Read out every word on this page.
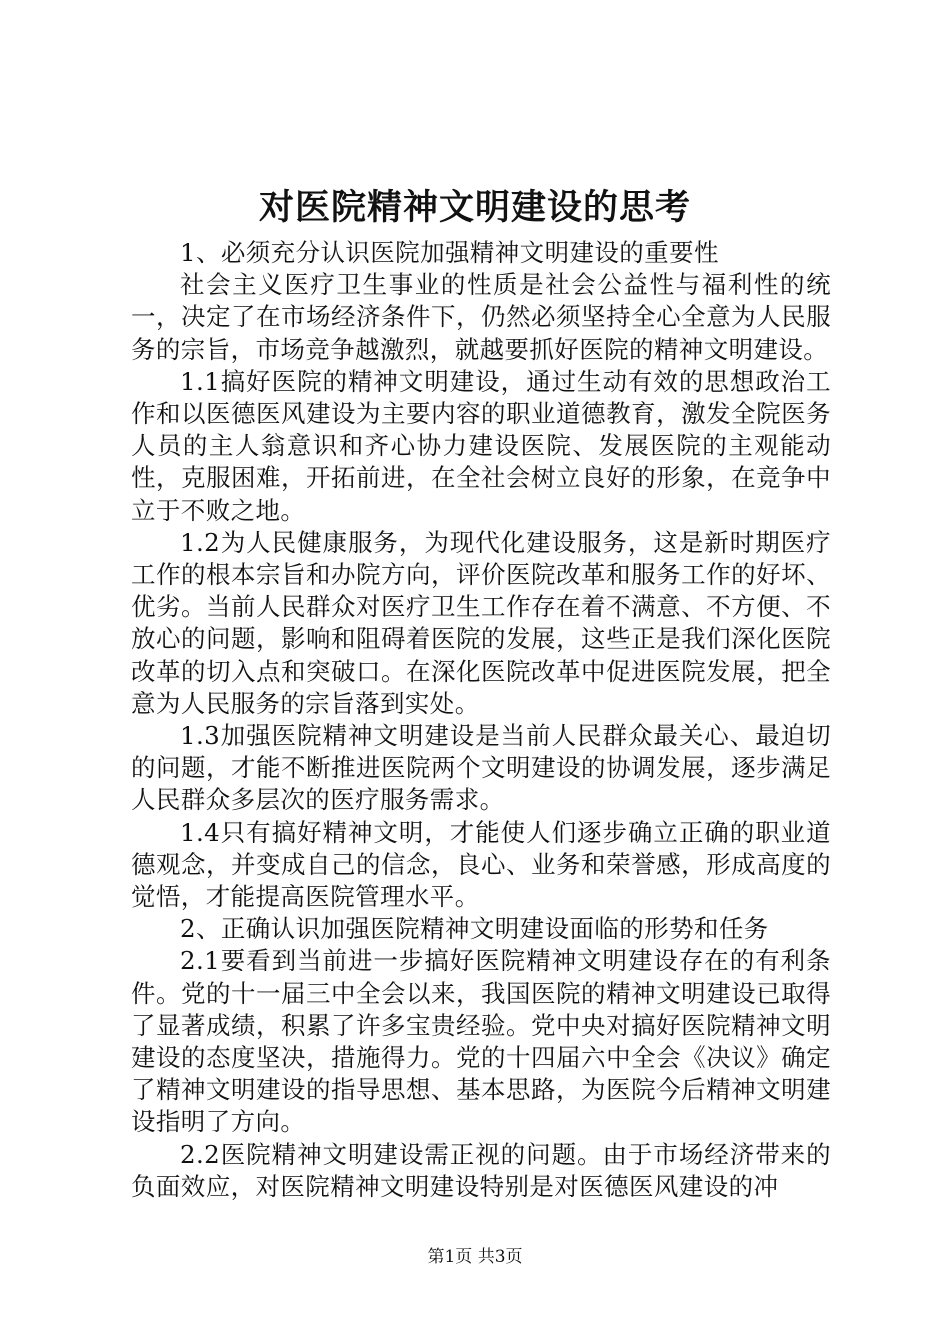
对医院精神文明建设的思考

1、必须充分认识医院加强精神文明建设的重要性

社会主义医疗卫生事业的性质是社会公益性与福利性的统一，决定了在市场经济条件下，仍然必须坚持全心全意为人民服务的宗旨，市场竞争越激烈，就越要抓好医院的精神文明建设。

1.1搞好医院的精神文明建设，通过生动有效的思想政治工作和以医德医风建设为主要内容的职业道德教育，激发全院医务人员的主人翁意识和齐心协力建设医院、发展医院的主观能动性，克服困难，开拓前进，在全社会树立良好的形象，在竞争中立于不败之地。

1.2为人民健康服务，为现代化建设服务，这是新时期医疗工作的根本宗旨和办院方向，评价医院改革和服务工作的好坏、优劣。当前人民群众对医疗卫生工作存在着不满意、不方便、不放心的问题，影响和阻碍着医院的发展，这些正是我们深化医院改革的切入点和突破口。在深化医院改革中促进医院发展，把全意为人民服务的宗旨落到实处。

1.3加强医院精神文明建设是当前人民群众最关心、最迫切的问题，才能不断推进医院两个文明建设的协调发展，逐步满足人民群众多层次的医疗服务需求。

1.4只有搞好精神文明，才能使人们逐步确立正确的职业道德观念，并变成自己的信念，良心、业务和荣誉感，形成高度的觉悟，才能提高医院管理水平。

2、正确认识加强医院精神文明建设面临的形势和任务

2.1要看到当前进一步搞好医院精神文明建设存在的有利条件。党的十一届三中全会以来，我国医院的精神文明建设已取得了显著成绩，积累了许多宝贵经验。党中央对搞好医院精神文明建设的态度坚决，措施得力。党的十四届六中全会《决议》确定了精神文明建设的指导思想、基本思路，为医院今后精神文明建设指明了方向。

2.2医院精神文明建设需正视的问题。由于市场经济带来的负面效应，对医院精神文明建设特别是对医德医风建设的冲

第1页 共3页
